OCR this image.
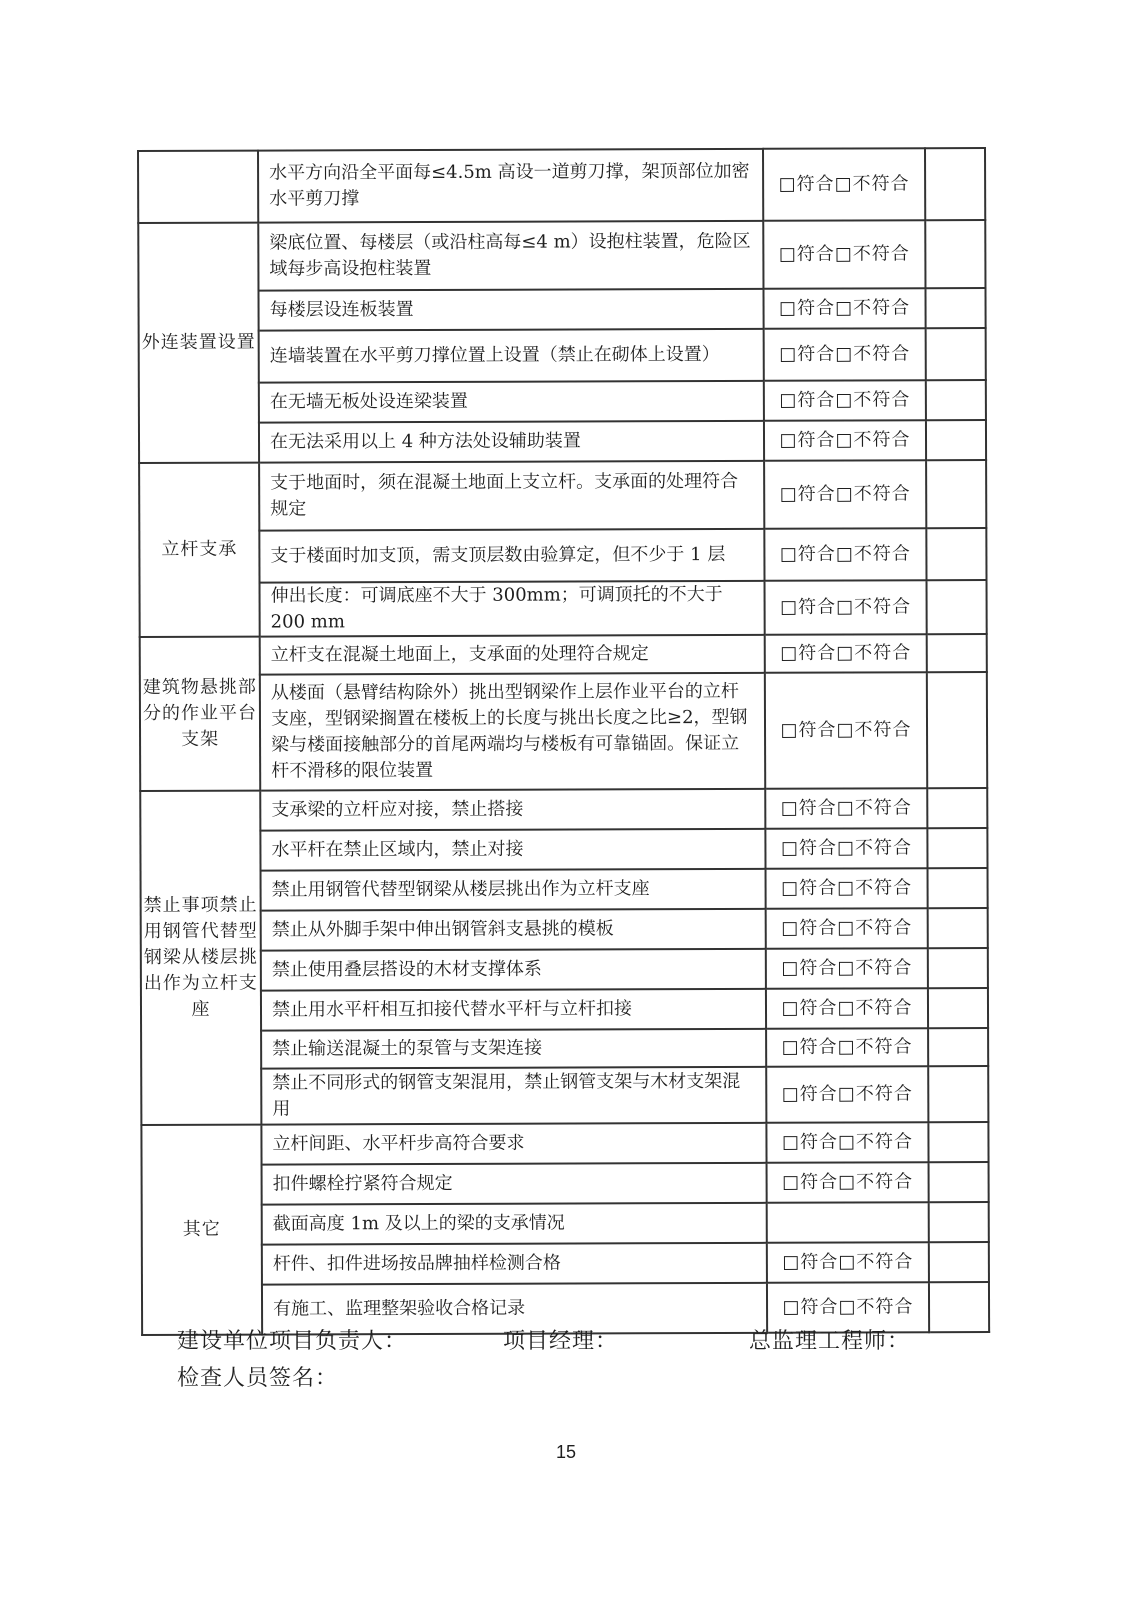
	水平方向沿全平面每≤4.5m 高设一道剪刀撑，架顶部位加密水平剪刀撑	□符合□不符合	
外连装置设置	梁底位置、每楼层（或沿柱高每≤4 m）设抱柱装置，危险区域每步高设抱柱装置	□符合□不符合	
	每楼层设连板装置	□符合□不符合	
	连墙装置在水平剪刀撑位置上设置（禁止在砌体上设置）	□符合□不符合	
	在无墙无板处设连梁装置	□符合□不符合	
	在无法采用以上 4 种方法处设辅助装置	□符合□不符合	
立杆支承	支于地面时，须在混凝土地面上支立杆。支承面的处理符合规定	□符合□不符合	
	支于楼面时加支顶，需支顶层数由验算定，但不少于 1 层	□符合□不符合	
	伸出长度：可调底座不大于 300mm；可调顶托的不大于 200 mm	□符合□不符合	
建筑物悬挑部分的作业平台支架	立杆支在混凝土地面上，支承面的处理符合规定	□符合□不符合	
	从楼面（悬臂结构除外）挑出型钢梁作上层作业平台的立杆支座，型钢梁搁置在楼板上的长度与挑出长度之比≥2，型钢梁与楼面接触部分的首尾两端均与楼板有可靠锚固。保证立杆不滑移的限位装置	□符合□不符合	
禁止事项禁止用钢管代替型钢梁从楼层挑出作为立杆支座	支承梁的立杆应对接，禁止搭接	□符合□不符合	
	水平杆在禁止区域内，禁止对接	□符合□不符合	
	禁止用钢管代替型钢梁从楼层挑出作为立杆支座	□符合□不符合	
	禁止从外脚手架中伸出钢管斜支悬挑的模板	□符合□不符合	
	禁止使用叠层搭设的木材支撑体系	□符合□不符合	
	禁止用水平杆相互扣接代替水平杆与立杆扣接	□符合□不符合	
	禁止输送混凝土的泵管与支架连接	□符合□不符合	
	禁止不同形式的钢管支架混用，禁止钢管支架与木材支架混用	□符合□不符合	
其它	立杆间距、水平杆步高符合要求	□符合□不符合	
	扣件螺栓拧紧符合规定	□符合□不符合	
	截面高度 1m 及以上的梁的支承情况		
	杆件、扣件进场按品牌抽样检测合格	□符合□不符合	
	有施工、监理整架验收合格记录	□符合□不符合	
建设单位项目负责人：	项目经理：	总监理工程师：
检查人员签名：
15
